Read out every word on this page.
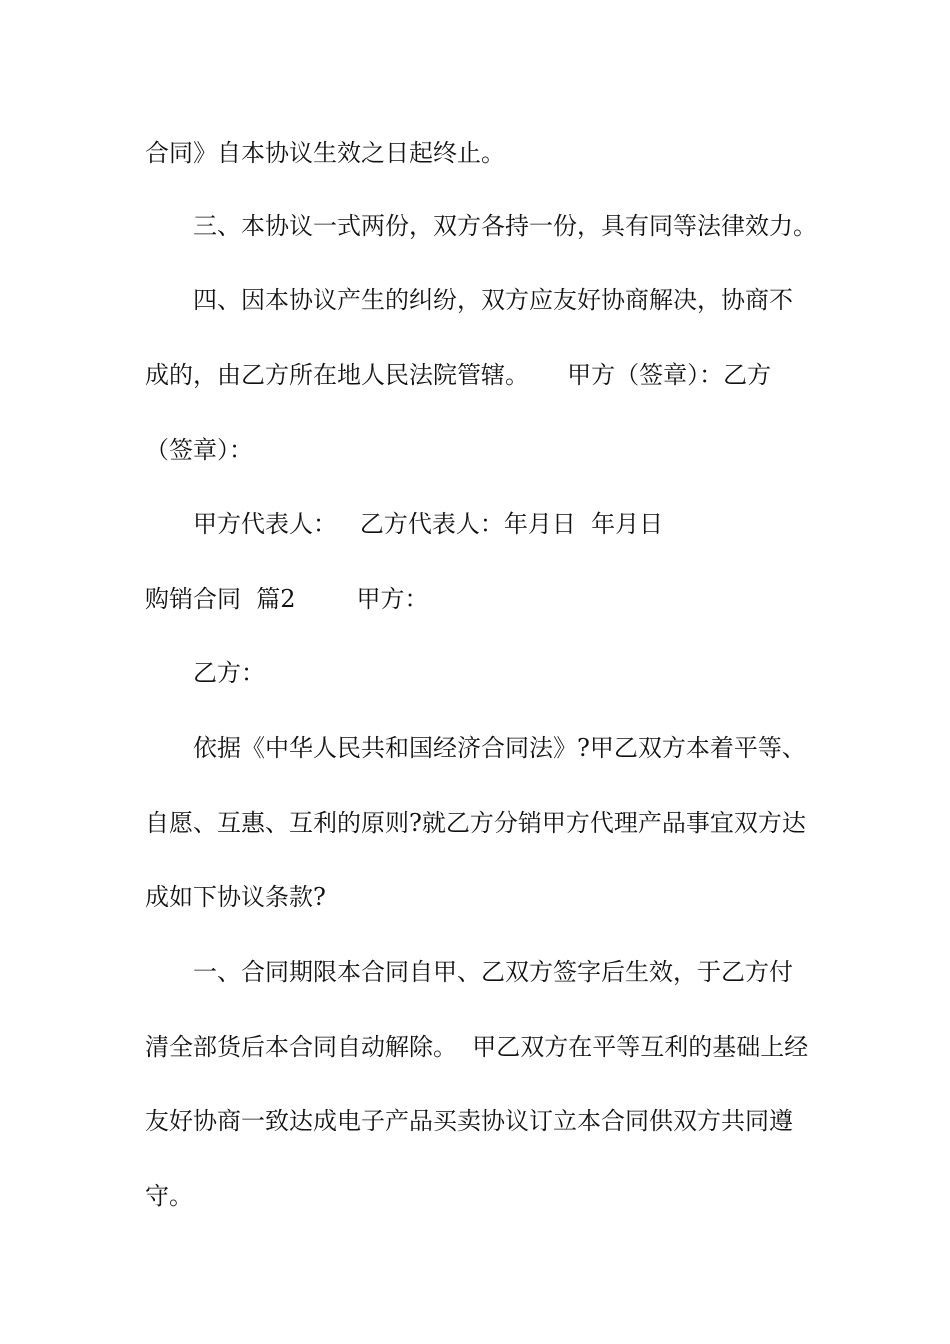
合同》自本协议生效之日起终止。

三、本协议一式两份，双方各持一份，具有同等法律效力。

四、因本协议产生的纠纷，双方应友好协商解决，协商不

成的，由乙方所在地人民法院管辖。     甲方（签章）：乙方

（签章）：

甲方代表人：   乙方代表人：年月日  年月日

购销合同  篇2        甲方：

乙方：

依据《中华人民共和国经济合同法》?甲乙双方本着平等、

自愿、互惠、互利的原则?就乙方分销甲方代理产品事宜双方达

成如下协议条款?

一、合同期限本合同自甲、乙双方签字后生效，于乙方付

清全部货后本合同自动解除。  甲乙双方在平等互利的基础上经

友好协商一致达成电子产品买卖协议订立本合同供双方共同遵

守。
